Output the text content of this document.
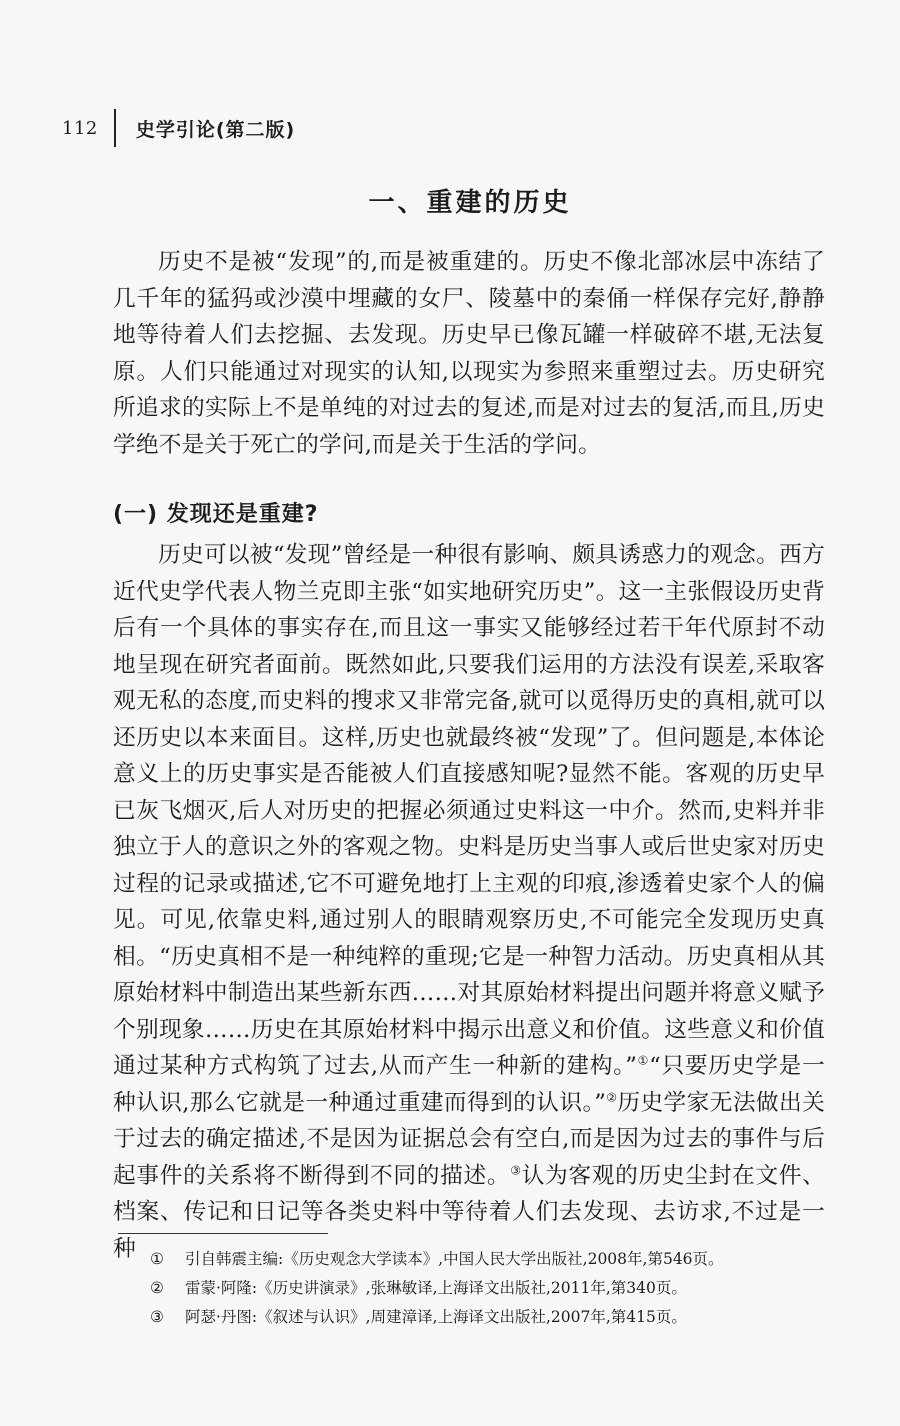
112 史学引论(第二版)
一、重建的历史

历史不是被“发现”的,而是被重建的。历史不像北部冰层中冻结了几千年的猛犸或沙漠中埋藏的女尸、陵墓中的秦俑一样保存完好,静静地等待着人们去挖掘、去发现。历史早已像瓦罐一样破碎不堪,无法复原。人们只能通过对现实的认知,以现实为参照来重塑过去。历史研究所追求的实际上不是单纯的对过去的复述,而是对过去的复活,而且,历史学绝不是关于死亡的学问,而是关于生活的学问。

(一) 发现还是重建?

历史可以被“发现”曾经是一种很有影响、颇具诱惑力的观念。西方近代史学代表人物兰克即主张“如实地研究历史”。这一主张假设历史背后有一个具体的事实存在,而且这一事实又能够经过若干年代原封不动地呈现在研究者面前。既然如此,只要我们运用的方法没有误差,采取客观无私的态度,而史料的搜求又非常完备,就可以觅得历史的真相,就可以还历史以本来面目。这样,历史也就最终被“发现”了。但问题是,本体论意义上的历史事实是否能被人们直接感知呢?显然不能。客观的历史早已灰飞烟灭,后人对历史的把握必须通过史料这一中介。然而,史料并非独立于人的意识之外的客观之物。史料是历史当事人或后世史家对历史过程的记录或描述,它不可避免地打上主观的印痕,渗透着史家个人的偏见。可见,依靠史料,通过别人的眼睛观察历史,不可能完全发现历史真相。“历史真相不是一种纯粹的重现;它是一种智力活动。历史真相从其原始材料中制造出某些新东西……对其原始材料提出问题并将意义赋予个别现象……历史在其原始材料中揭示出意义和价值。这些意义和价值通过某种方式构筑了过去,从而产生一种新的建构。”①“只要历史学是一种认识,那么它就是一种通过重建而得到的认识。”②历史学家无法做出关于过去的确定描述,不是因为证据总会有空白,而是因为过去的事件与后起事件的关系将不断得到不同的描述。③认为客观的历史尘封在文件、档案、传记和日记等各类史料中等待着人们去发现、去访求,不过是一种 ①	引自韩震主编:《历史观念大学读本》,中国人民大学出版社,2008年,第546页。
②	雷蒙·阿隆:《历史讲演录》,张琳敏译,上海译文出版社,2011年,第340页。
③	阿瑟·丹图:《叙述与认识》,周建漳译,上海译文出版社,2007年,第415页。
